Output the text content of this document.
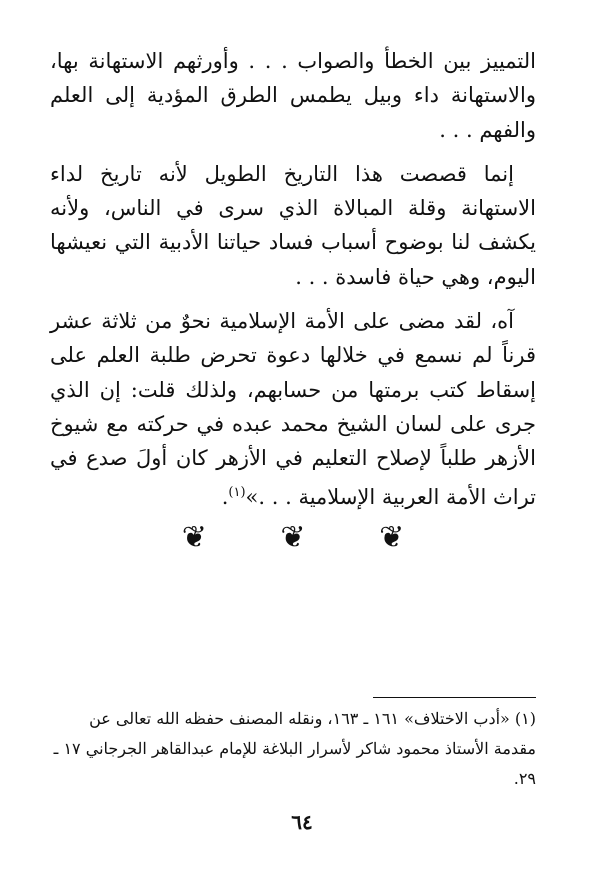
التمييز بين الخطأ والصواب . . . وأورثهم الاستهانة بها، والاستهانة داء وبيل يطمس الطرق المؤدية إلى العلم والفهم . . .

إنما قصصت هذا التاريخ الطويل لأنه تاريخ لداء الاستهانة وقلة المبالاة الذي سرى في الناس، ولأنه يكشف لنا بوضوح أسباب فساد حياتنا الأدبية التي نعيشها اليوم، وهي حياة فاسدة . . .

آه، لقد مضى على الأمة الإسلامية نحوٌ من ثلاثة عشر قرناً لم نسمع في خلالها دعوة تحرض طلبة العلم على إسقاط كتب برمتها من حسابهم، ولذلك قلت: إن الذي جرى على لسان الشيخ محمد عبده في حركته مع شيوخ الأزهر طلباً لإصلاح التعليم في الأزهر كان أولَ صدع في تراث الأمة العربية الإسلامية . . .»$^{(١)}$.

❦ ❦ ❦
(١) «أدب الاختلاف» ١٦١ ـ ١٦٣، ونقله المصنف حفظه الله تعالى عن مقدمة الأستاذ محمود شاكر لأسرار البلاغة للإمام عبدالقاهر الجرجاني ١٧ ـ ٢٩.
٦٤
